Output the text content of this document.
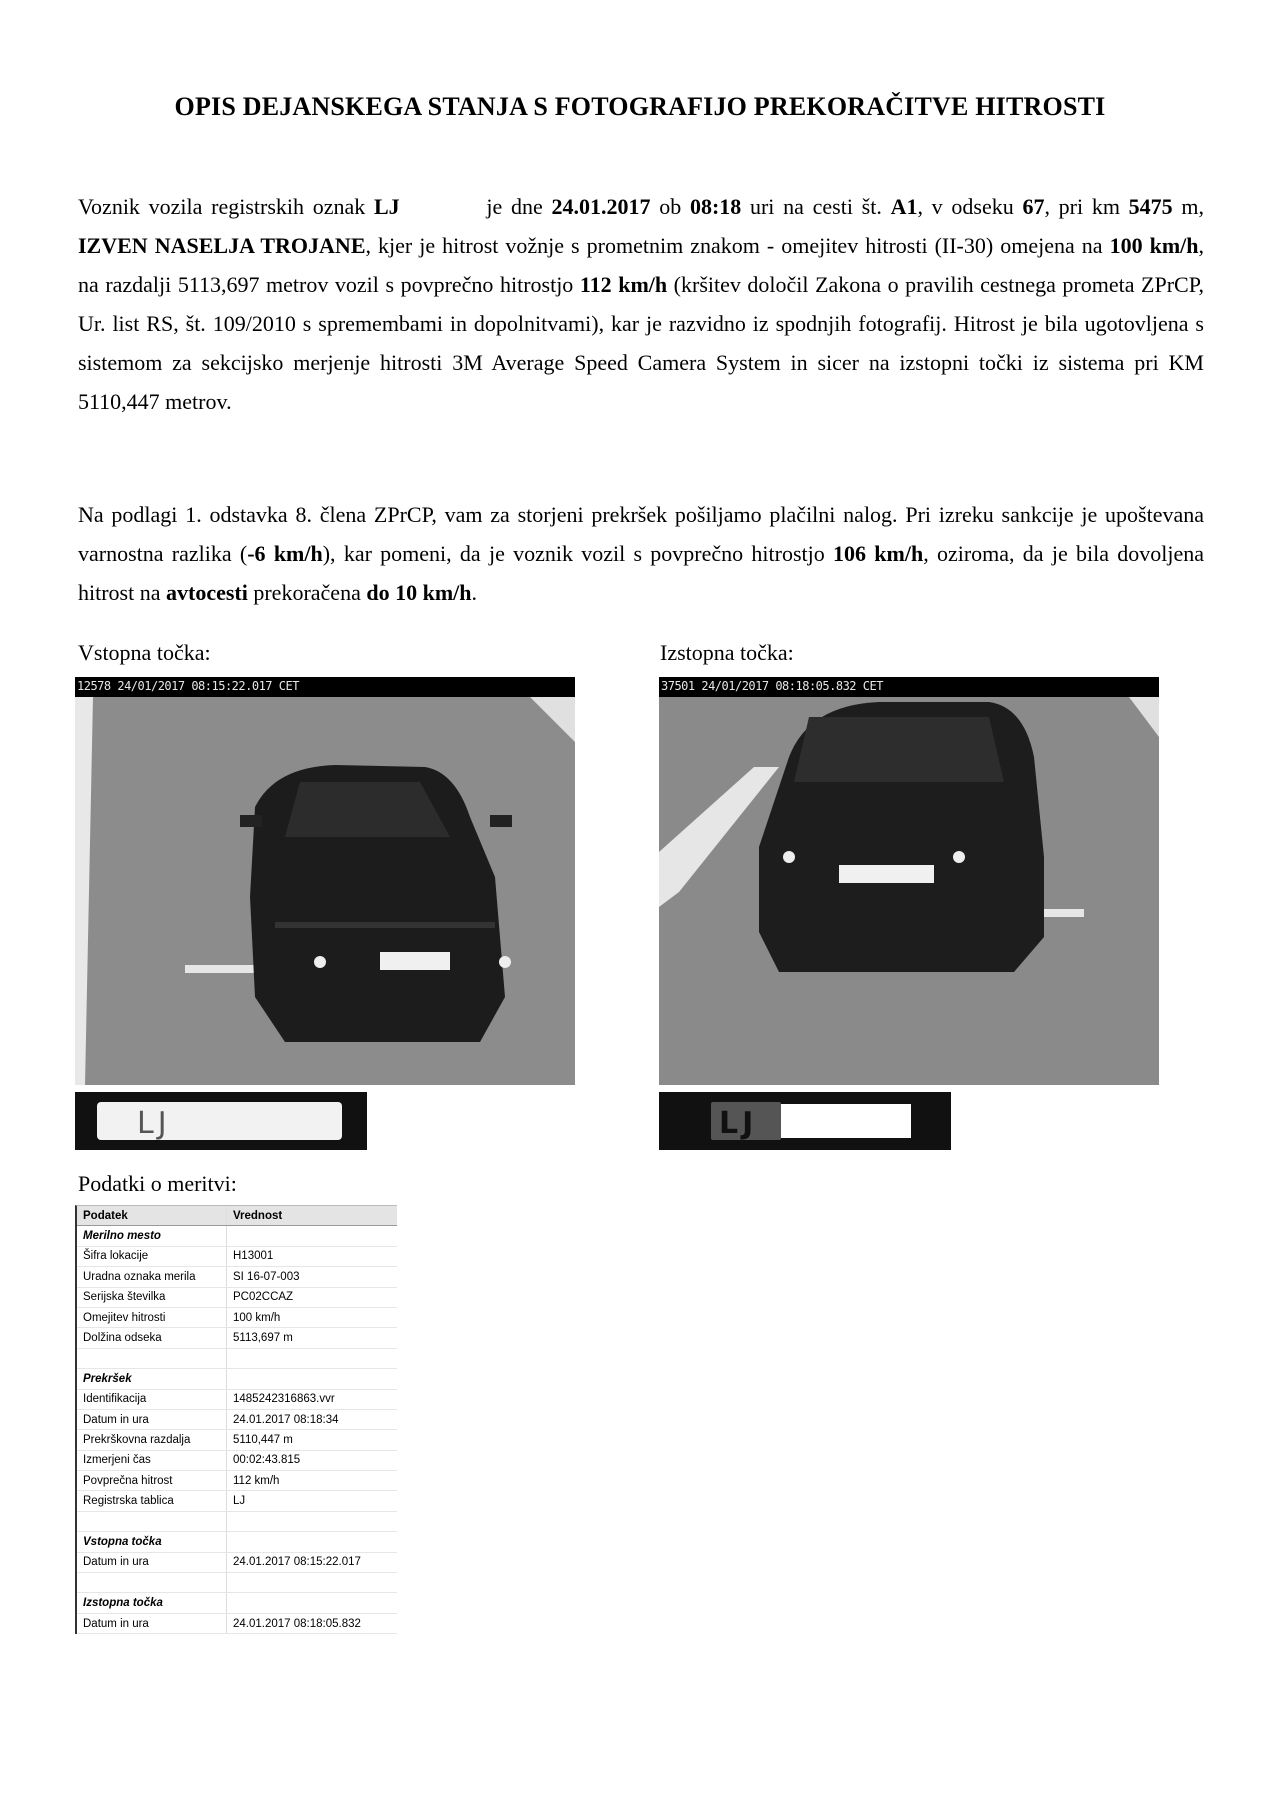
OPIS DEJANSKEGA STANJA S FOTOGRAFIJO PREKORAČITVE HITROSTI
Voznik vozila registrskih oznak LJ	je dne 24.01.2017 ob 08:18 uri na cesti št. A1, v odseku 67, pri km 5475 m, IZVEN NASELJA TROJANE, kjer je hitrost vožnje s prometnim znakom - omejitev hitrosti (II-30) omejena na 100 km/h, na razdalji 5113,697 metrov vozil s povprečno hitrostjo 112 km/h (kršitev določil Zakona o pravilih cestnega prometa ZPrCP, Ur. list RS, št. 109/2010 s spremembami in dopolnitvami), kar je razvidno iz spodnjih fotografij. Hitrost je bila ugotovljena s sistemom za sekcijsko merjenje hitrosti 3M Average Speed Camera System in sicer na izstopni točki iz sistema pri KM 5110,447 metrov.
Na podlagi 1. odstavka 8. člena ZPrCP, vam za storjeni prekršek pošiljamo plačilni nalog. Pri izreku sankcije je upoštevana varnostna razlika (-6 km/h), kar pomeni, da je voznik vozil s povprečno hitrostjo 106 km/h, oziroma, da je bila dovoljena hitrost na avtocesti prekoračena do 10 km/h.
Vstopna točka:	Izstopna točka:
12578 24/01/2017 08:15:22.017 CET	37501 24/01/2017 08:18:05.832 CET
LJ	LJ
Podatki o meritvi:
Podatek	Vrednost
Merilno mesto
Šifra lokacije	H13001
Uradna oznaka merila	SI 16-07-003
Serijska številka	PC02CCAZ
Omejitev hitrosti	100 km/h
Dolžina odseka	5113,697 m
Prekršek
Identifikacija	1485242316863.vvr
Datum in ura	24.01.2017 08:18:34
Prekrškovna razdalja	5110,447 m
Izmerjeni čas	00:02:43.815
Povprečna hitrost	112 km/h
Registrska tablica	LJ
Vstopna točka
Datum in ura	24.01.2017 08:15:22.017
Izstopna točka
Datum in ura	24.01.2017 08:18:05.832
